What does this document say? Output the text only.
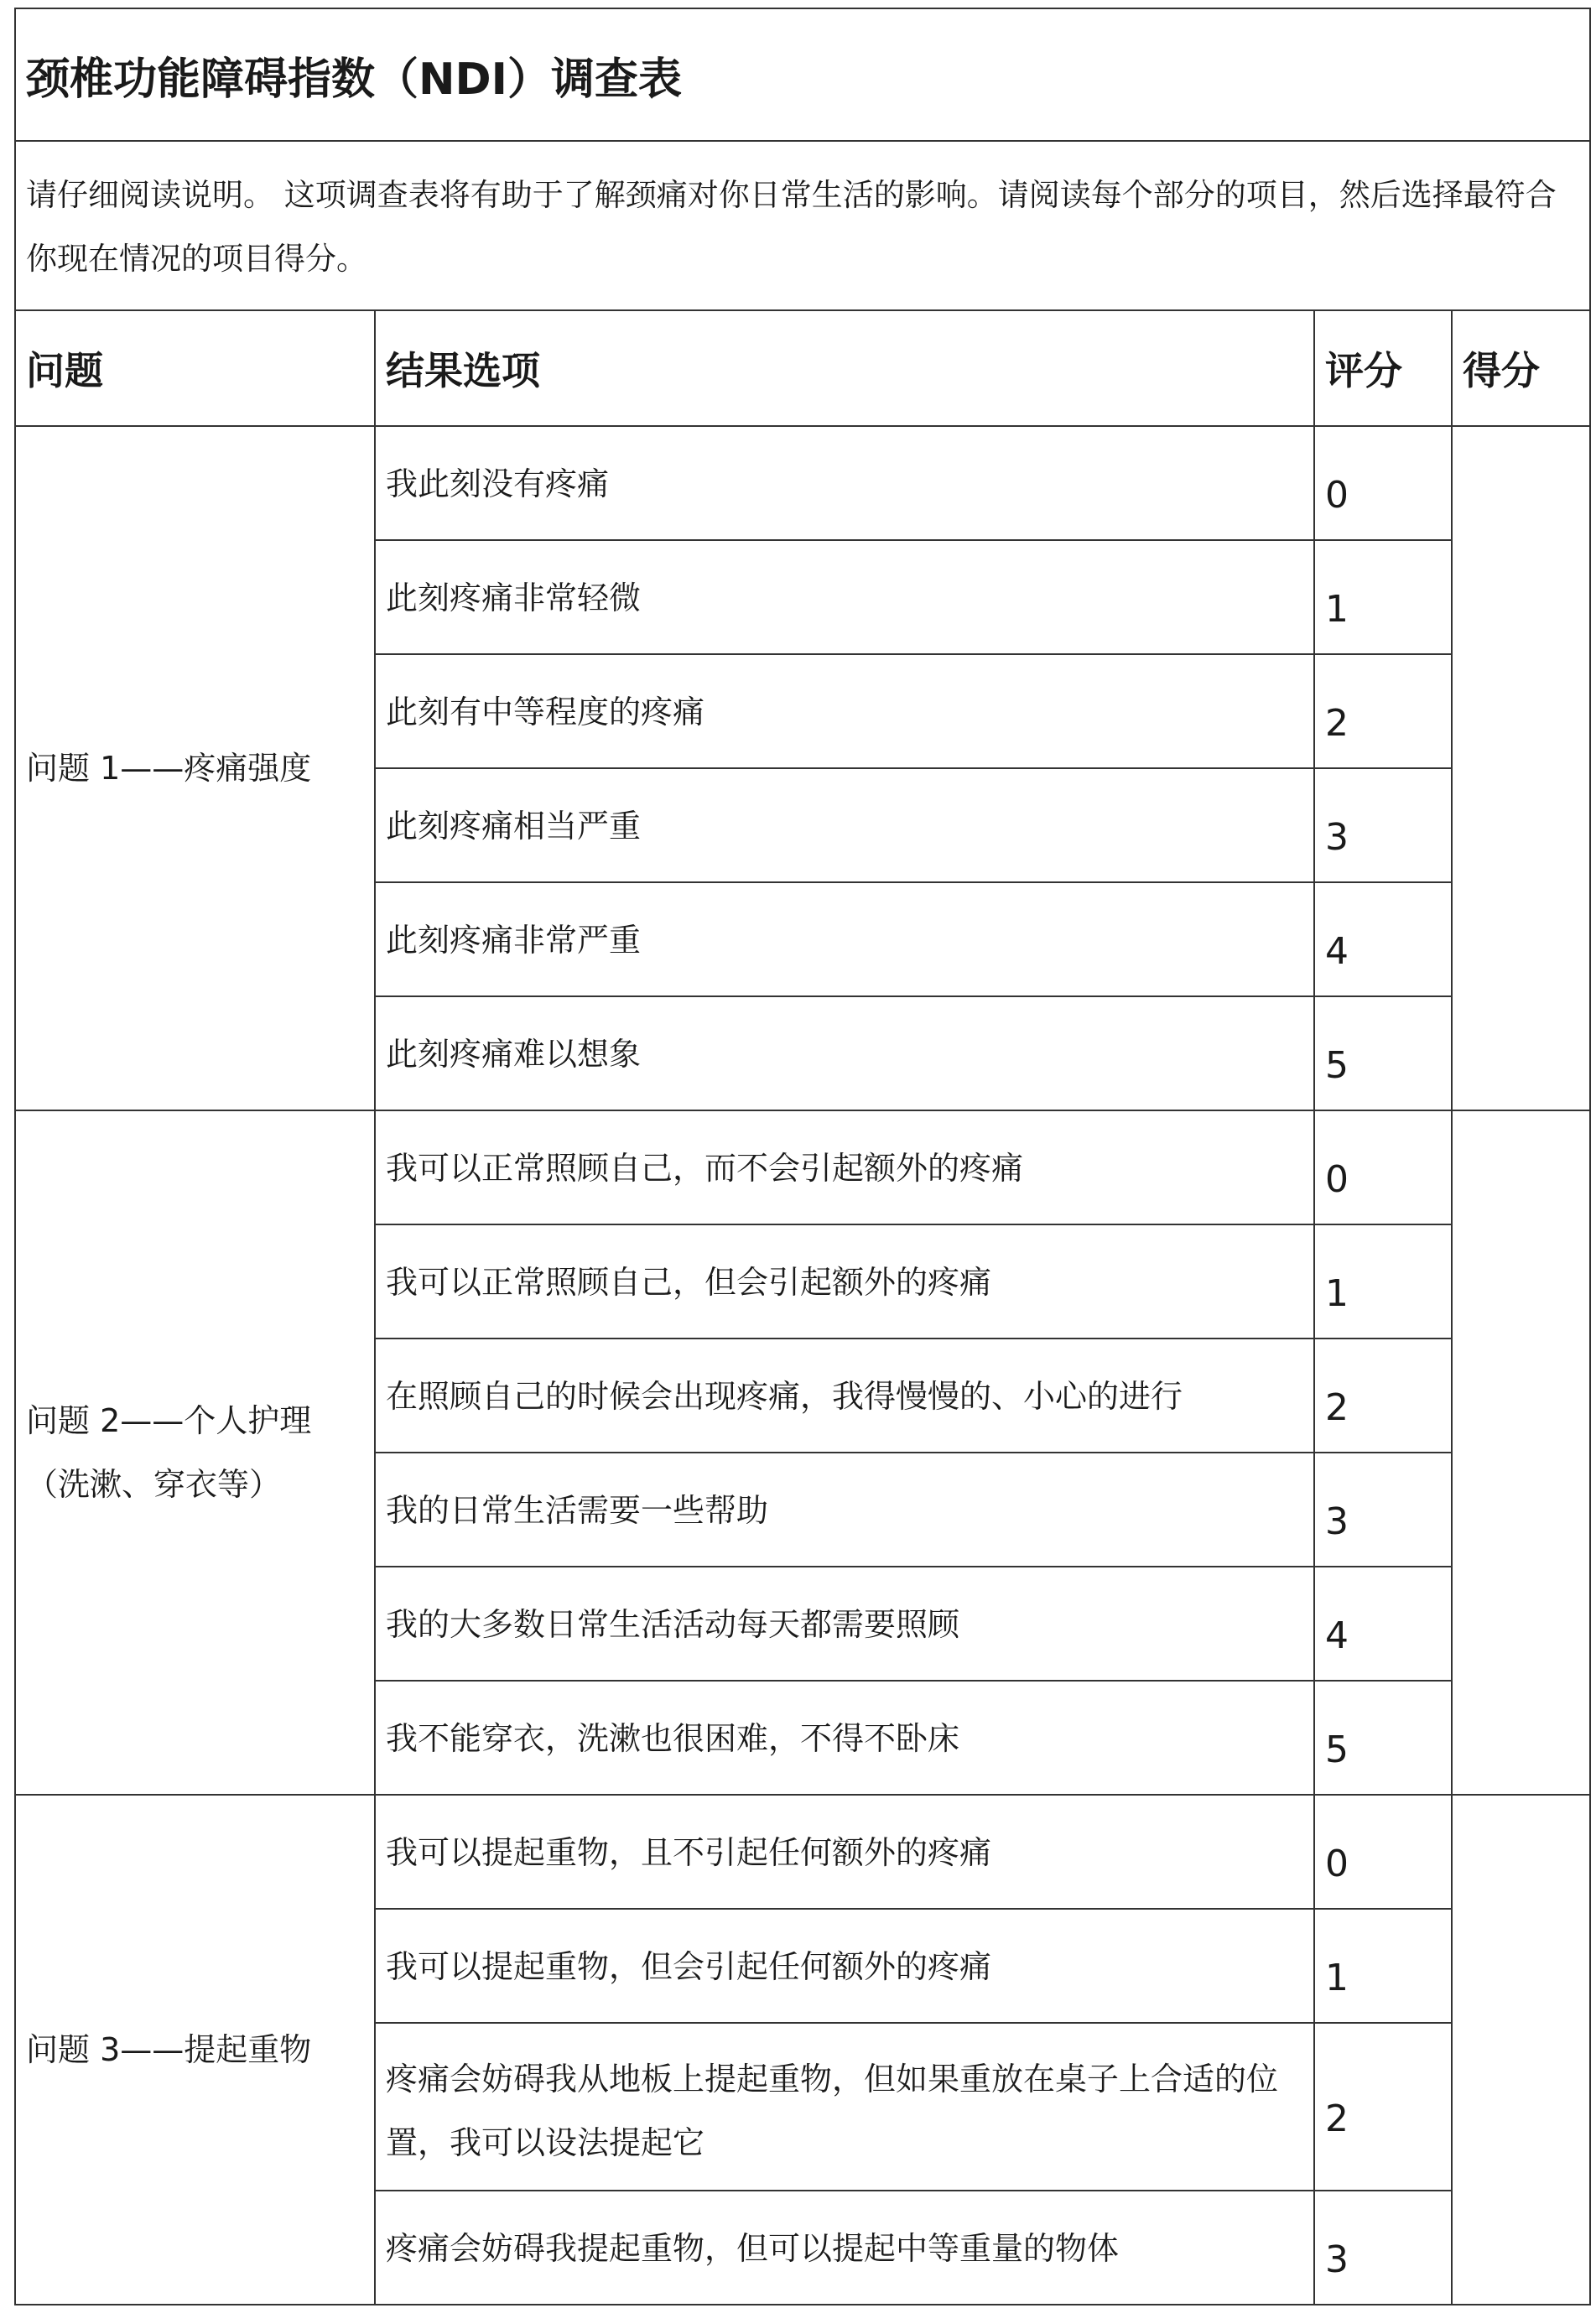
颈椎功能障碍指数（NDI）调查表
请仔细阅读说明。 这项调查表将有助于了解颈痛对你日常生活的影响。请阅读每个部分的项目，然后选择最符合你现在情况的项目得分。
问题	结果选项	评分	得分
问题 1——疼痛强度	我此刻没有疼痛	0	
	此刻疼痛非常轻微	1	
	此刻有中等程度的疼痛	2	
	此刻疼痛相当严重	3	
	此刻疼痛非常严重	4	
	此刻疼痛难以想象	5	
问题 2——个人护理（洗漱、穿衣等）	我可以正常照顾自己，而不会引起额外的疼痛	0	
	我可以正常照顾自己，但会引起额外的疼痛	1	
	在照顾自己的时候会出现疼痛，我得慢慢的、小心的进行	2	
	我的日常生活需要一些帮助	3	
	我的大多数日常生活活动每天都需要照顾	4	
	我不能穿衣，洗漱也很困难，不得不卧床	5	
问题 3——提起重物	我可以提起重物，且不引起任何额外的疼痛	0	
	我可以提起重物，但会引起任何额外的疼痛	1	
	疼痛会妨碍我从地板上提起重物，但如果重放在桌子上合适的位置，我可以设法提起它	2	
	疼痛会妨碍我提起重物，但可以提起中等重量的物体	3	
